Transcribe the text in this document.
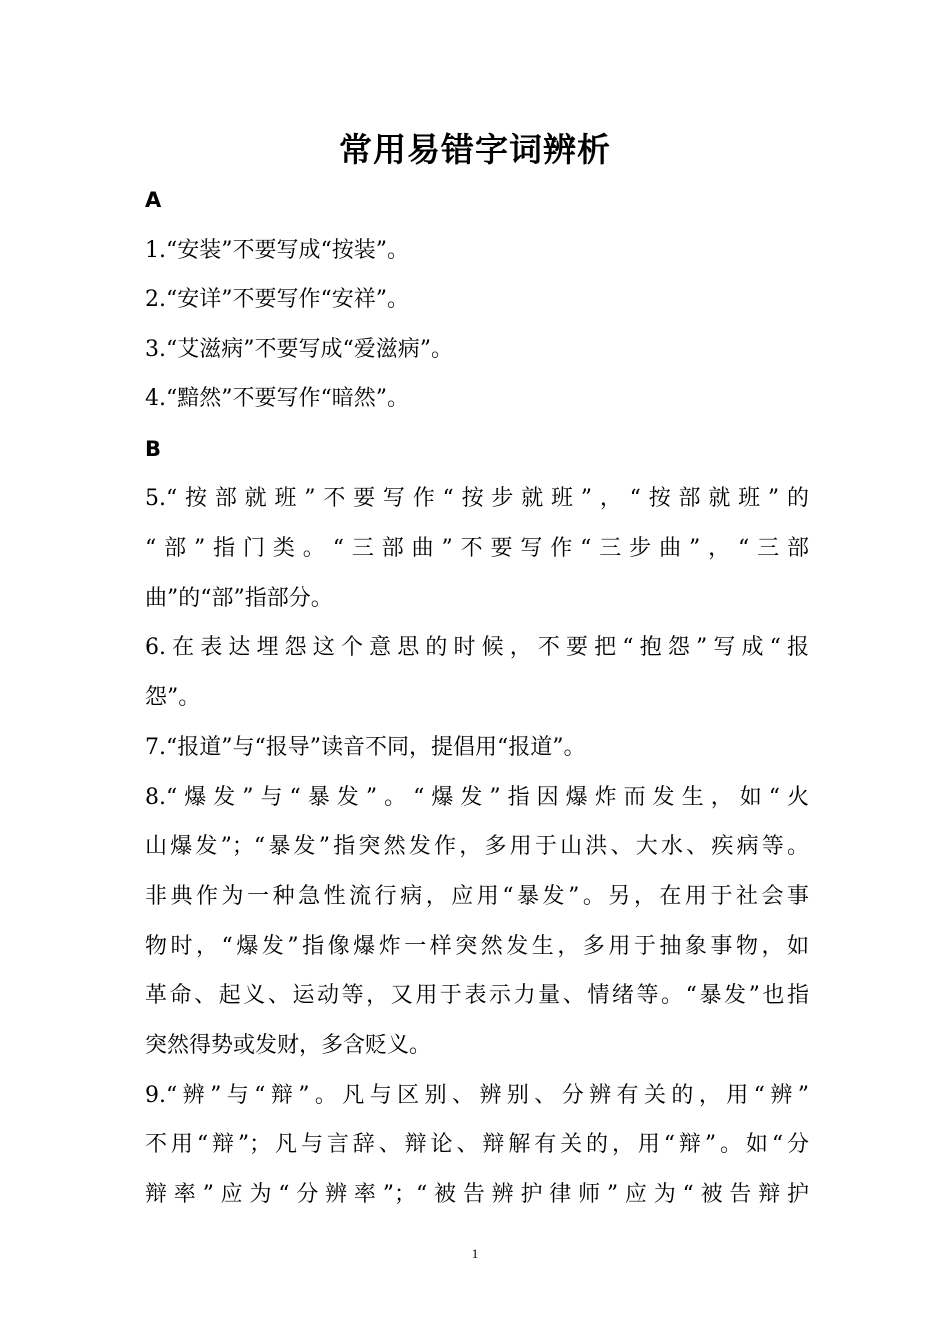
常用易错字词辨析
A
1.“安装”不要写成“按装”。
2.“安详”不要写作“安祥”。
3.“艾滋病”不要写成“爱滋病”。
4.“黯然”不要写作“暗然”。
B
5.“按部就班”不要写作“按步就班”，“按部就班”的
“部”指门类。“三部曲”不要写作“三步曲”，“三部
曲”的“部”指部分。
6.在表达埋怨这个意思的时候，不要把“抱怨”写成“报
怨”。
7.“报道”与“报导”读音不同，提倡用“报道”。
8.“爆发”与“暴发”。“爆发”指因爆炸而发生，如“火
山爆发”；“暴发”指突然发作，多用于山洪、大水、疾病等。
非典作为一种急性流行病，应用“暴发”。另，在用于社会事
物时，“爆发”指像爆炸一样突然发生，多用于抽象事物，如
革命、起义、运动等，又用于表示力量、情绪等。“暴发”也指
突然得势或发财，多含贬义。
9.“辨”与“辩”。凡与区别、辨别、分辨有关的，用“辨”
不用“辩”；凡与言辞、辩论、辩解有关的，用“辩”。如“分
辩率”应为“分辨率”；“被告辨护律师”应为“被告辩护
1
